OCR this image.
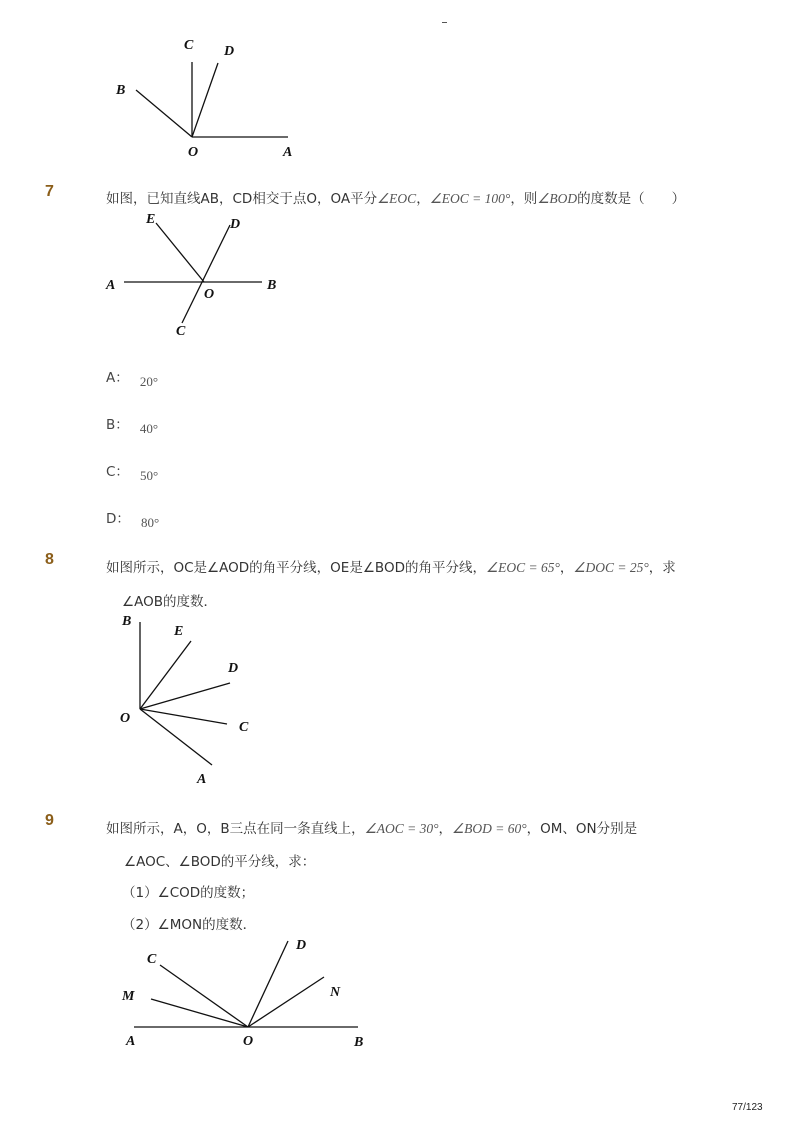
C D
B
O	A
7	如图，已知直线AB，CD相交于点O，OA平分∠EOC，∠EOC = 100°，则∠BOD的度数是（　　）
E	D
A
O
B
C
A： $_{20^\circ}$
B： $_{40^\circ}$
C： $_{50^\circ}$
D： $_{80^\circ}$
8	如图所示，OC是∠AOD的角平分线，OE是∠BOD的角平分线，∠EOC = 65°，∠DOC = 25°，求
∠AOB的度数．
B
E
D
O
C
A
9	如图所示，A，O，B三点在同一条直线上，∠AOC = 30°，∠BOD = 60°，OM、ON分别是
∠AOC、∠BOD的平分线，求：
（1）∠COD的度数；
（2）∠MON的度数．
C
D
M	N
A	O	B
77/123
